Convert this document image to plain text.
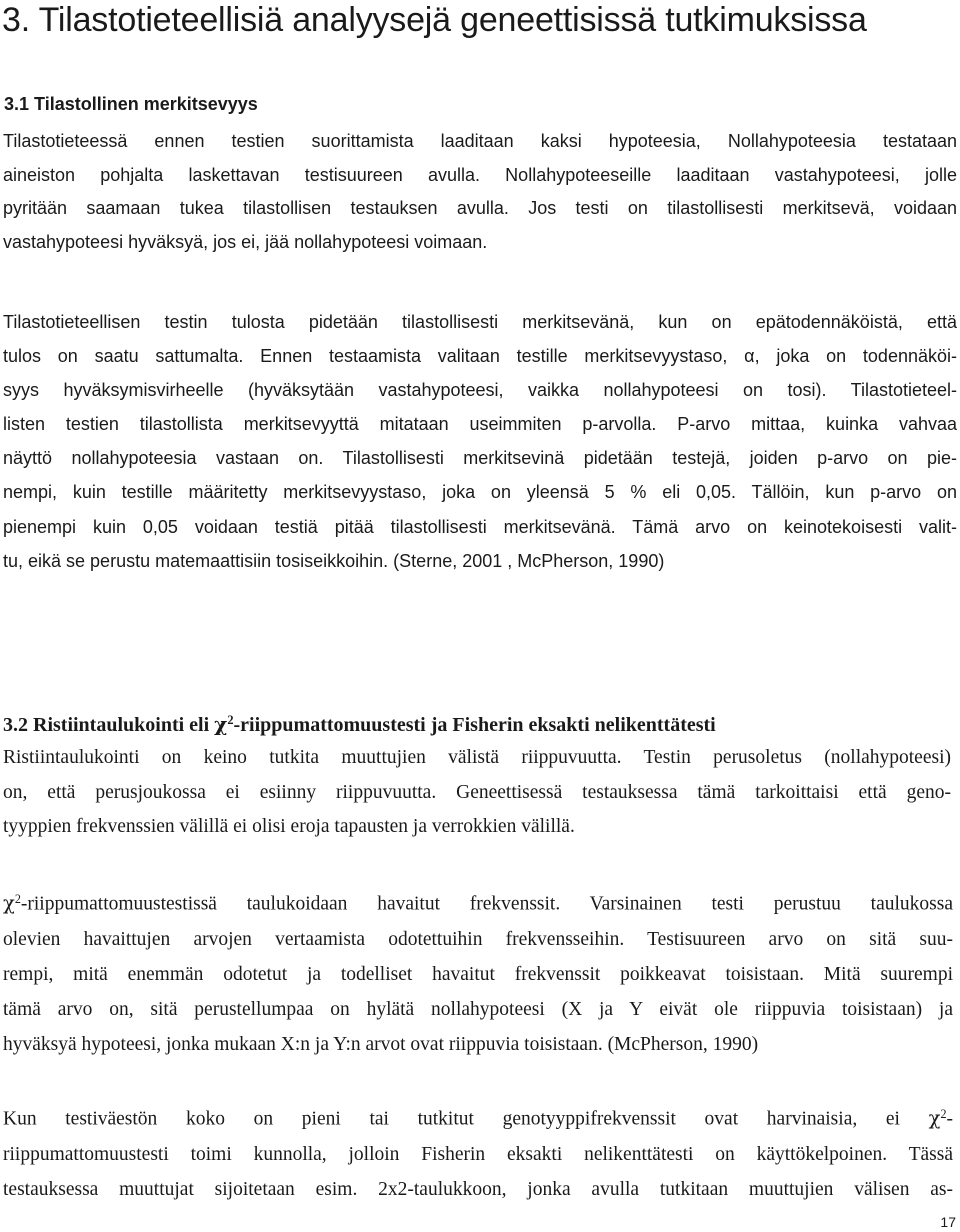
3. Tilastotieteellisiä analyysejä geneettisissä tutkimuksissa
3.1 Tilastollinen merkitsevyys

Tilastotieteessä ennen testien suorittamista laaditaan kaksi hypoteesia, Nollahypoteesia testataan
aineiston pohjalta laskettavan testisuureen avulla. Nollahypoteeseille laaditaan vastahypoteesi, jolle
pyritään saamaan tukea tilastollisen testauksen avulla. Jos testi on tilastollisesti merkitsevä, voidaan
vastahypoteesi hyväksyä, jos ei, jää nollahypoteesi voimaan.

Tilastotieteellisen testin tulosta pidetään tilastollisesti merkitsevänä, kun on epätodennäköistä, että
tulos on saatu sattumalta. Ennen testaamista valitaan testille merkitsevyystaso, α, joka on todennäköi-
syys hyväksymisvirheelle (hyväksytään vastahypoteesi, vaikka nollahypoteesi on tosi). Tilastotieteel-
listen testien tilastollista merkitsevyyttä mitataan useimmiten p-arvolla. P-arvo mittaa, kuinka vahvaa
näyttö nollahypoteesia vastaan on. Tilastollisesti merkitsevinä pidetään testejä, joiden p-arvo on pie-
nempi, kuin testille määritetty merkitsevyystaso, joka on yleensä 5 % eli 0,05. Tällöin, kun p-arvo on
pienempi kuin 0,05 voidaan testiä pitää tilastollisesti merkitsevänä. Tämä arvo on keinotekoisesti valit-
tu, eikä se perustu matemaattisiin tosiseikkoihin. (Sterne, 2001 , McPherson, 1990)

3.2 Ristiintaulukointi eli $\chi^2$-riippumattomuustesti ja Fisherin eksakti nelikenttätesti

Ristiintaulukointi on keino tutkita muuttujien välistä riippuvuutta. Testin perusoletus (nollahypoteesi)
on, että perusjoukossa ei esiinny riippuvuutta. Geneettisessä testauksessa tämä tarkoittaisi että geno-
tyyppien frekvenssien välillä ei olisi eroja tapausten ja verrokkien välillä.

$\chi^2$-riippumattomuustestissä taulukoidaan havaitut frekvenssit. Varsinainen testi perustuu taulukossa
olevien havaittujen arvojen vertaamista odotettuihin frekvensseihin. Testisuureen arvo on sitä suu-
rempi, mitä enemmän odotetut ja todelliset havaitut frekvenssit poikkeavat toisistaan. Mitä suurempi
tämä arvo on, sitä perustellumpaa on hylätä nollahypoteesi (X ja Y eivät ole riippuvia toisistaan) ja
hyväksyä hypoteesi, jonka mukaan X:n ja Y:n arvot ovat riippuvia toisistaan. (McPherson, 1990)

Kun testiväestön koko on pieni tai tutkitut genotyyppifrekvenssit ovat harvinaisia, ei $\chi^2-$
riippumattomuustesti toimi kunnolla, jolloin Fisherin eksakti nelikenttätesti on käyttökelpoinen. Tässä
testauksessa muuttujat sijoitetaan esim. 2x2-taulukkoon, jonka avulla tutkitaan muuttujien välisen as-

17
